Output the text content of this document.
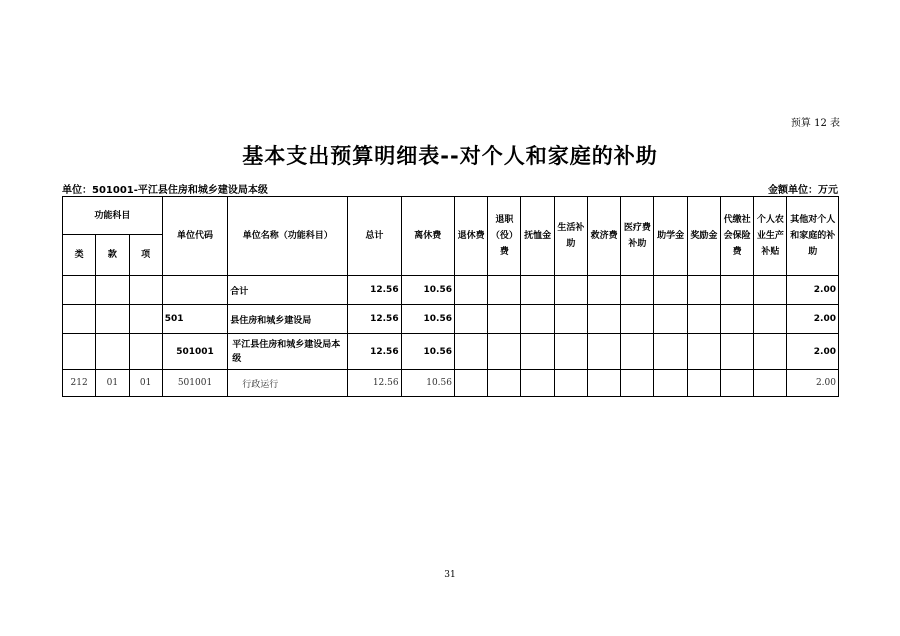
预算 12 表
基本支出预算明细表--对个人和家庭的补助
单位：501001-平江县住房和城乡建设局本级	金额单位：万元
功能科目			单位代码	单位名称（功能科目）	总计	离休费	退休费	退职（役）费	抚恤金	生活补助	救济费	医疗费补助	助学金	奖励金	代缴社会保险费	个人农业生产补贴	其他对个人和家庭的补助
类	款	项															
				合计	12.56	10.56											2.00
			501	县住房和城乡建设局	12.56	10.56											2.00
			501001	平江县住房和城乡建设局本级	12.56	10.56											2.00
212	01	01	501001	行政运行	12.56	10.56											2.00
31
